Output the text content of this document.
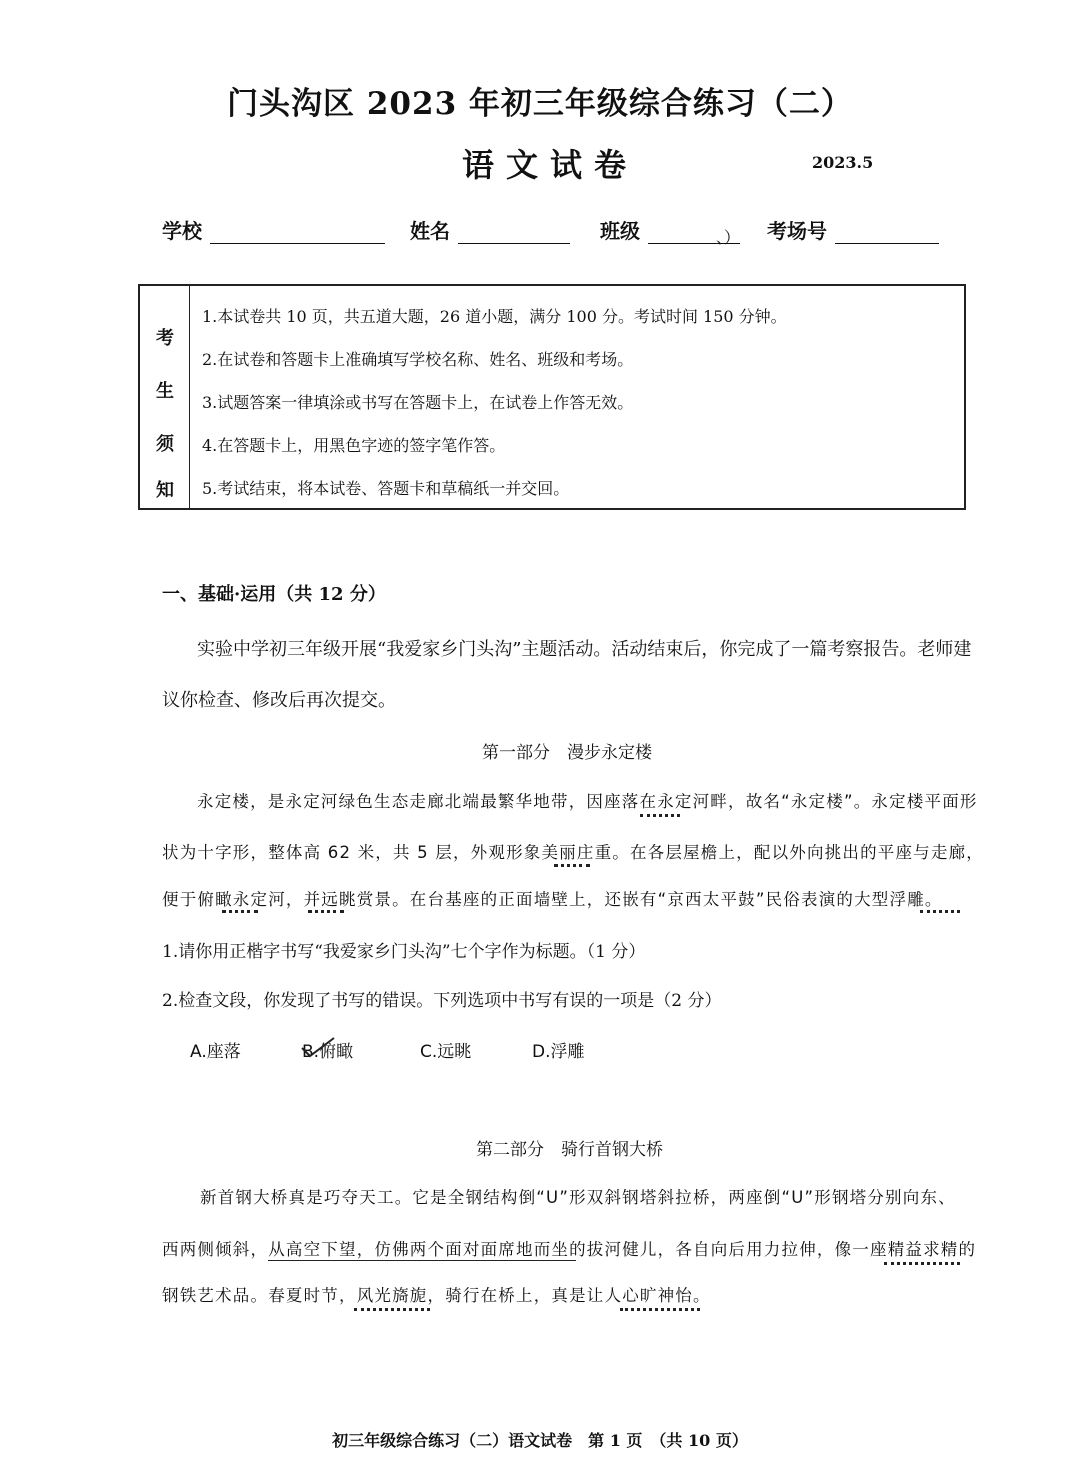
门头沟区 2023 年初三年级综合练习（二）
语文试卷	2023.5
学校	姓名	班级	、） 考场号
考
生
须
知
1.本试卷共 10 页，共五道大题，26 道小题，满分 100 分。考试时间 150 分钟。
2.在试卷和答题卡上准确填写学校名称、姓名、班级和考场。
3.试题答案一律填涂或书写在答题卡上，在试卷上作答无效。
4.在答题卡上，用黑色字迹的签字笔作答。
5.考试结束，将本试卷、答题卡和草稿纸一并交回。
一、基础·运用（共 12 分）
实验中学初三年级开展“我爱家乡门头沟”主题活动。活动结束后，你完成了一篇考察报告。老师建
议你检查、修改后再次提交。
第一部分　漫步永定楼
永定楼，是永定河绿色生态走廊北端最繁华地带，因座落在永定河畔，故名“永定楼”。永定楼平面形
状为十字形，整体高 62 米，共 5 层，外观形象美丽庄重。在各层屋檐上，配以外向挑出的平座与走廊，
便于俯瞰永定河，并远眺赏景。在台基座的正面墙壁上，还嵌有“京西太平鼓”民俗表演的大型浮雕。
1.请你用正楷字书写“我爱家乡门头沟”七个字作为标题。（1 分）
2.检查文段，你发现了书写的错误。下列选项中书写有误的一项是（2 分）
A.座落	B.俯瞰	C.远眺	D.浮雕
第二部分　骑行首钢大桥
新首钢大桥真是巧夺天工。它是全钢结构倒“U”形双斜钢塔斜拉桥，两座倒“U”形钢塔分别向东、
西两侧倾斜，从高空下望，仿佛两个面对面席地而坐的拔河健儿，各自向后用力拉伸，像一座精益求精的
钢铁艺术品。春夏时节，风光旖旎，骑行在桥上，真是让人心旷神怡。
初三年级综合练习（二）语文试卷　第 1 页　（共 10 页）
